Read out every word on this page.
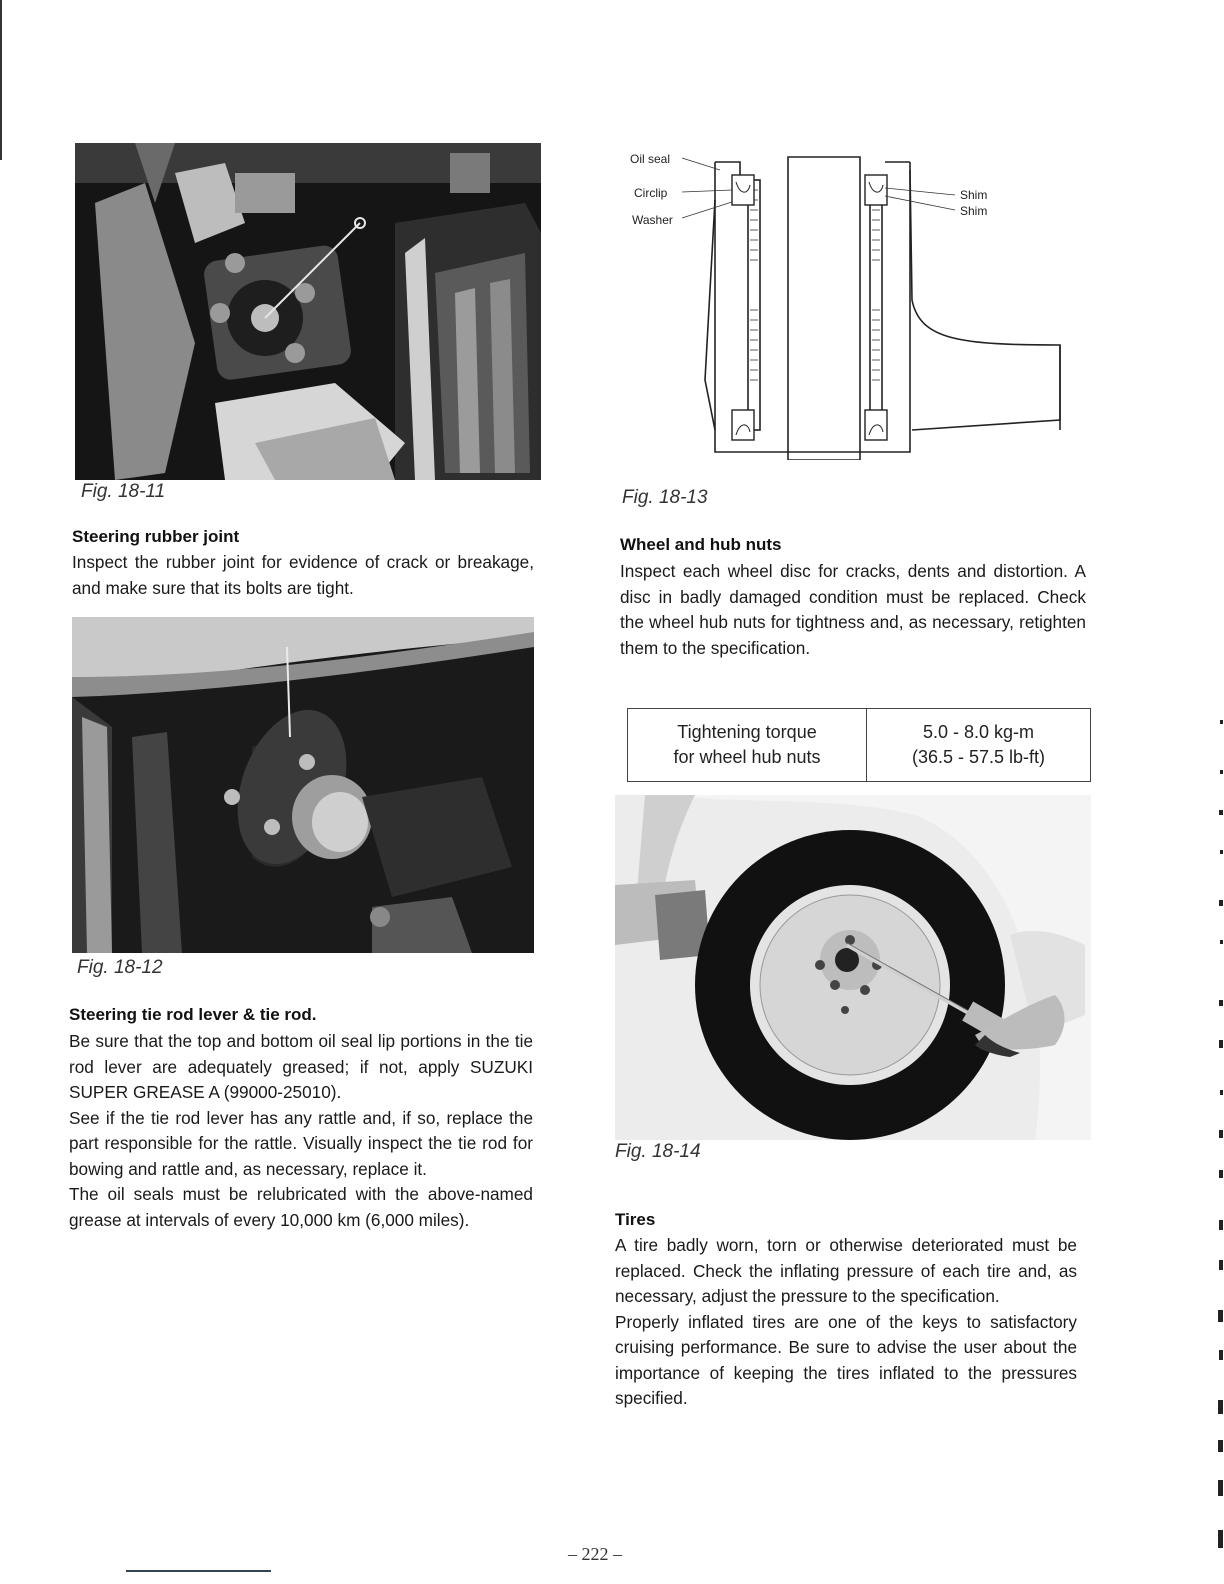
Fig. 18-11
Steering rubber joint

Inspect the rubber joint for evidence of crack or breakage, and make sure that its bolts are tight.

Fig. 18-12
Steering tie rod lever & tie rod.

Be sure that the top and bottom oil seal lip portions in the tie rod lever are adequately greased; if not, apply SUZUKI SUPER GREASE A (99000-25010).

See if the tie rod lever has any rattle and, if so, replace the part responsible for the rattle. Visually inspect the tie rod for bowing and rattle and, as necessary, replace it.

The oil seals must be relubricated with the above-named grease at intervals of every 10,000 km (6,000 miles).

Oil seal
Circlip
Washer
Shim
Shim
Fig. 18-13
Wheel and hub nuts

Inspect each wheel disc for cracks, dents and distortion. A disc in badly damaged condition must be replaced. Check the wheel hub nuts for tightness and, as necessary, retighten them to the specification.

Tightening torque
for wheel hub nuts
5.0 - 8.0 kg-m
(36.5 - 57.5 lb-ft)
Fig. 18-14
Tires

A tire badly worn, torn or otherwise deteriorated must be replaced. Check the inflating pressure of each tire and, as necessary, adjust the pressure to the specification.

Properly inflated tires are one of the keys to satisfactory cruising performance. Be sure to advise the user about the importance of keeping the tires inflated to the pressures specified.

– 222 –
